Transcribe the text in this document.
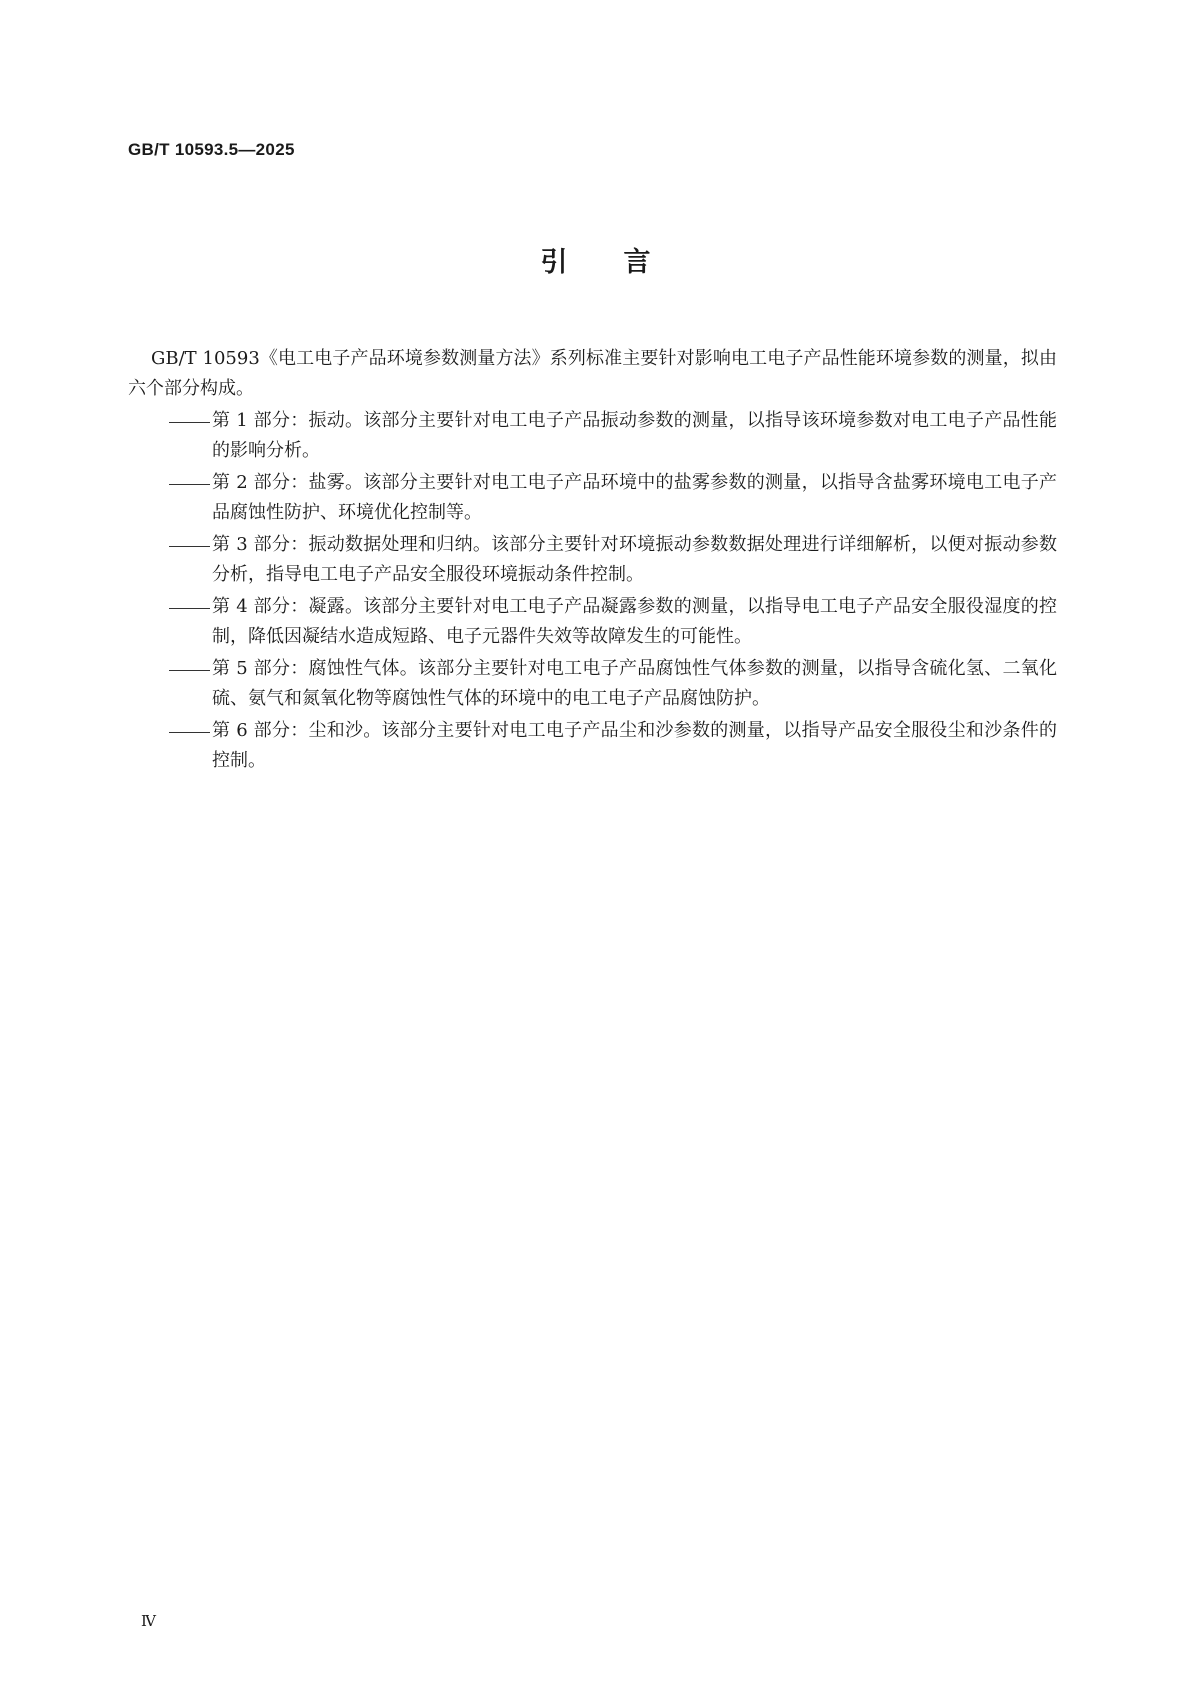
GB/T 10593.5—2025
引言

GB/T 10593《电工电子产品环境参数测量方法》系列标准主要针对影响电工电子产品性能环境参数的测量，拟由六个部分构成。

第 1 部分：振动。该部分主要针对电工电子产品振动参数的测量，以指导该环境参数对电工电子产品性能的影响分析。
第 2 部分：盐雾。该部分主要针对电工电子产品环境中的盐雾参数的测量，以指导含盐雾环境电工电子产品腐蚀性防护、环境优化控制等。
第 3 部分：振动数据处理和归纳。该部分主要针对环境振动参数数据处理进行详细解析，以便对振动参数分析，指导电工电子产品安全服役环境振动条件控制。
第 4 部分：凝露。该部分主要针对电工电子产品凝露参数的测量，以指导电工电子产品安全服役湿度的控制，降低因凝结水造成短路、电子元器件失效等故障发生的可能性。
第 5 部分：腐蚀性气体。该部分主要针对电工电子产品腐蚀性气体参数的测量，以指导含硫化氢、二氧化硫、氨气和氮氧化物等腐蚀性气体的环境中的电工电子产品腐蚀防护。
第 6 部分：尘和沙。该部分主要针对电工电子产品尘和沙参数的测量，以指导产品安全服役尘和沙条件的控制。
Ⅳ
